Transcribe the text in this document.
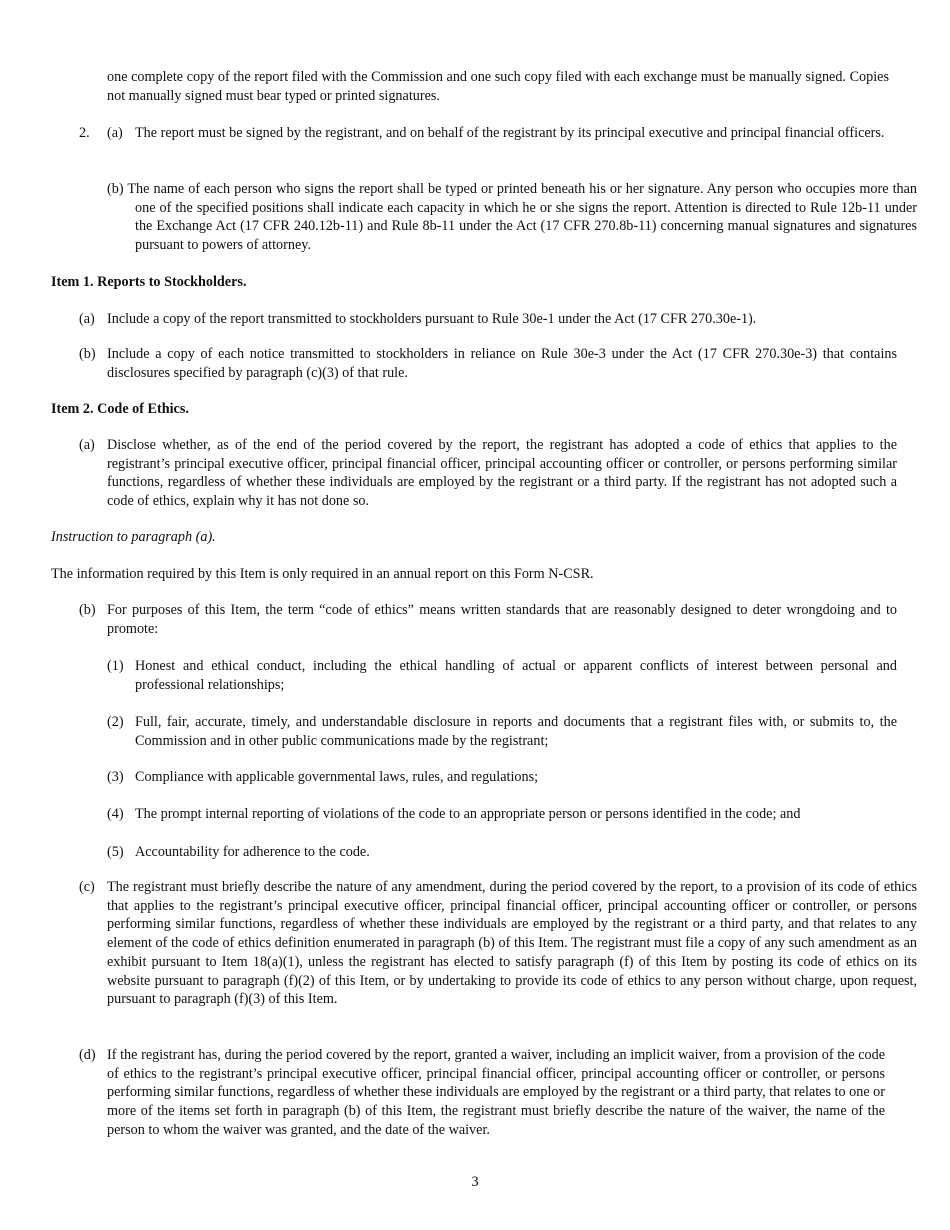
one complete copy of the report filed with the Commission and one such copy filed with each exchange must be manually signed. Copies not manually signed must bear typed or printed signatures.
2. (a) The report must be signed by the registrant, and on behalf of the registrant by its principal executive and principal financial officers.
(b) The name of each person who signs the report shall be typed or printed beneath his or her signature. Any person who occupies more than one of the specified positions shall indicate each capacity in which he or she signs the report. Attention is directed to Rule 12b-11 under the Exchange Act (17 CFR 240.12b-11) and Rule 8b-11 under the Act (17 CFR 270.8b-11) concerning manual signatures and signatures pursuant to powers of attorney.
Item 1. Reports to Stockholders.
(a) Include a copy of the report transmitted to stockholders pursuant to Rule 30e-1 under the Act (17 CFR 270.30e-1).
(b) Include a copy of each notice transmitted to stockholders in reliance on Rule 30e-3 under the Act (17 CFR 270.30e-3) that contains disclosures specified by paragraph (c)(3) of that rule.
Item 2. Code of Ethics.
(a) Disclose whether, as of the end of the period covered by the report, the registrant has adopted a code of ethics that applies to the registrant’s principal executive officer, principal financial officer, principal accounting officer or controller, or persons performing similar functions, regardless of whether these individuals are employed by the registrant or a third party. If the registrant has not adopted such a code of ethics, explain why it has not done so.
Instruction to paragraph (a).
The information required by this Item is only required in an annual report on this Form N-CSR.
(b) For purposes of this Item, the term “code of ethics” means written standards that are reasonably designed to deter wrongdoing and to promote:
(1) Honest and ethical conduct, including the ethical handling of actual or apparent conflicts of interest between personal and professional relationships;
(2) Full, fair, accurate, timely, and understandable disclosure in reports and documents that a registrant files with, or submits to, the Commission and in other public communications made by the registrant;
(3) Compliance with applicable governmental laws, rules, and regulations;
(4) The prompt internal reporting of violations of the code to an appropriate person or persons identified in the code; and
(5) Accountability for adherence to the code.
(c) The registrant must briefly describe the nature of any amendment, during the period covered by the report, to a provision of its code of ethics that applies to the registrant’s principal executive officer, principal financial officer, principal accounting officer or controller, or persons performing similar functions, regardless of whether these individuals are employed by the registrant or a third party, and that relates to any element of the code of ethics definition enumerated in paragraph (b) of this Item. The registrant must file a copy of any such amendment as an exhibit pursuant to Item 18(a)(1), unless the registrant has elected to satisfy paragraph (f) of this Item by posting its code of ethics on its website pursuant to paragraph (f)(2) of this Item, or by undertaking to provide its code of ethics to any person without charge, upon request, pursuant to paragraph (f)(3) of this Item.
(d) If the registrant has, during the period covered by the report, granted a waiver, including an implicit waiver, from a provision of the code of ethics to the registrant’s principal executive officer, principal financial officer, principal accounting officer or controller, or persons performing similar functions, regardless of whether these individuals are employed by the registrant or a third party, that relates to one or more of the items set forth in paragraph (b) of this Item, the registrant must briefly describe the nature of the waiver, the name of the person to whom the waiver was granted, and the date of the waiver.
3
